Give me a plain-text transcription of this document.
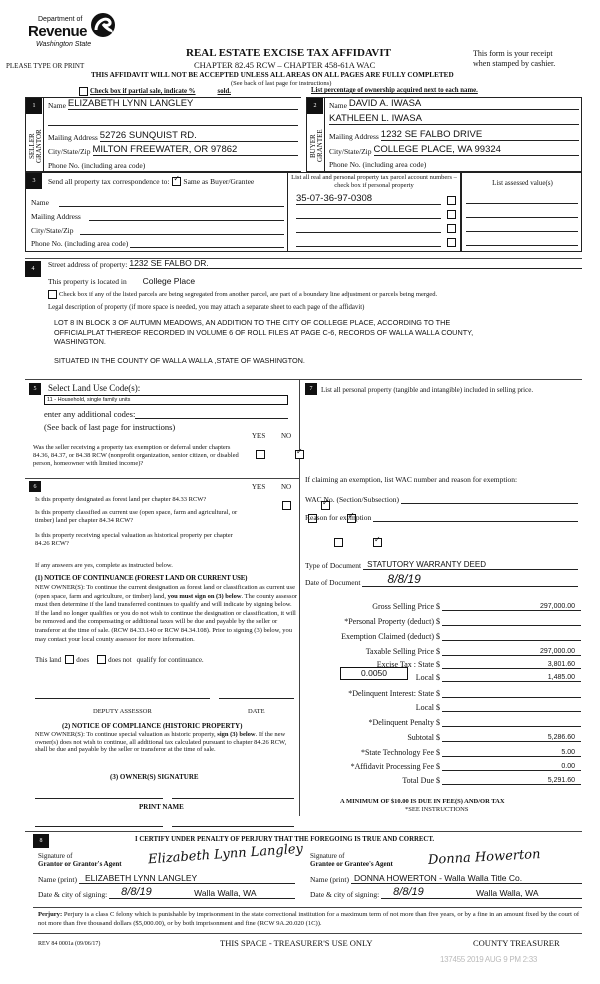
Department of
Revenue
Washington State
PLEASE TYPE OR PRINT
REAL ESTATE EXCISE TAX AFFIDAVIT
CHAPTER 82.45 RCW – CHAPTER 458-61A WAC
This form is your receipt
when stamped by cashier.
THIS AFFIDAVIT WILL NOT BE ACCEPTED UNLESS ALL AREAS ON ALL PAGES ARE FULLY COMPLETED
(See back of last page for instructions)
Check box if partial sale, indicate %	sold.	List percentage of ownership acquired next to each name.
1
SELLER GRANTOR
Name ELIZABETH LYNN LANGLEY
Mailing Address 52726 SUNQUIST RD.
City/State/Zip MILTON FREEWATER, OR 97862
Phone No. (including area code)
2
BUYER GRANTEE
Name DAVID A. IWASA
KATHLEEN L. IWASA
Mailing Address 1232 SE FALBO DRIVE
City/State/Zip COLLEGE PLACE, WA 99324
Phone No. (including area code)
3	Send all property tax correspondence to: ✓ Same as Buyer/Grantee
Name
Mailing Address
City/State/Zip
Phone No. (including area code)
List all real and personal property tax parcel account numbers – check box if personal property	List assessed value(s)
35-07-36-97-0308
4	Street address of property: 1232 SE FALBO DR.
This property is located in College Place
Check box if any of the listed parcels are being segregated from another parcel, are part of a boundary line adjustment or parcels being merged.
Legal description of property (if more space is needed, you may attach a separate sheet to each page of the affidavit)
LOT 8 IN BLOCK 3 OF AUTUMN MEADOWS, AN ADDITION TO THE CITY OF COLLEGE PLACE, ACCORDING TO THE
OFFICIALPLAT THEREOF RECORDED IN VOLUME 6 OF ROLL FILES AT PAGE C-6, RECORDS OF WALLA WALLA COUNTY,
WASHINGTON.
SITUATED IN THE COUNTY OF WALLA WALLA ,STATE OF WASHINGTON.
5	Select Land Use Code(s):
11 - Household, single family units
enter any additional codes:
(See back of last page for instructions)
YES NO
Was the seller receiving a property tax exemption or deferral under chapters 84.36, 84.37, or 84.38 RCW (nonprofit organization, senior citizen, or disabled person, homeowner with limited income)?
✓
6	YES NO
Is this property designated as forest land per chapter 84.33 RCW?
✓
Is this property classified as current use (open space, farm and agricultural, or timber) land per chapter 84.34 RCW?
✓
Is this property receiving special valuation as historical property per chapter 84.26 RCW?
✓
If any answers are yes, complete as instructed below.
(1) NOTICE OF CONTINUANCE (FOREST LAND OR CURRENT USE)
NEW OWNER(S): To continue the current designation as forest land or classification as current use (open space, farm and agriculture, or timber) land, you must sign on (3) below. The county assessor must then determine if the land transferred continues to qualify and will indicate by signing below. If the land no longer qualifies or you do not wish to continue the designation or classification, it will be removed and the compensating or additional taxes will be due and payable by the seller or transferor at the time of sale. (RCW 84.33.140 or RCW 84.34.108). Prior to signing (3) below, you may contact your local county assessor for more information.
This land does	does not qualify for continuance.
DEPUTY ASSESSOR	DATE
(2) NOTICE OF COMPLIANCE (HISTORIC PROPERTY)
NEW OWNER(S): To continue special valuation as historic property, sign (3) below. If the new owner(s) does not wish to continue, all additional tax calculated pursuant to chapter 84.26 RCW, shall be due and payable by the seller or transferor at the time of sale.
(3) OWNER(S) SIGNATURE
PRINT NAME
7	List all personal property (tangible and intangible) included in selling price.
If claiming an exemption, list WAC number and reason for exemption:
WAC No. (Section/Subsection)
Reason for exemption
Type of Document STATUTORY WARRANTY DEED
Date of Document 8/8/19
Gross Selling Price $	297,000.00
*Personal Property (deduct) $
Exemption Claimed (deduct) $
Taxable Selling Price $	297,000.00
Excise Tax : State $	3,801.60
0.0050	Local $	1,485.00
*Delinquent Interest: State $
Local $
*Delinquent Penalty $
Subtotal $	5,286.60
*State Technology Fee $	5.00
*Affidavit Processing Fee $	0.00
Total Due $	5,291.60
A MINIMUM OF $10.00 IS DUE IN FEE(S) AND/OR TAX
*SEE INSTRUCTIONS
8	I CERTIFY UNDER PENALTY OF PERJURY THAT THE FOREGOING IS TRUE AND CORRECT.
Signature of
Grantor or Grantor's Agent Elizabeth Lynn Langley
Name (print) ELIZABETH LYNN LANGLEY
Date & city of signing: 8/8/19	Walla Walla, WA
Signature of
Grantee or Grantee's Agent	Donna Howerton
Name (print) DONNA HOWERTON - Walla Walla Title Co.
Date & city of signing: 8/8/19	Walla Walla, WA
Perjury: Perjury is a class C felony which is punishable by imprisonment in the state correctional institution for a maximum term of not more than five years, or by a fine in an amount fixed by the court of not more than five thousand dollars ($5,000.00), or by both imprisonment and fine (RCW 9A.20.020 (1C)).
REV 84 0001a (09/06/17)	THIS SPACE - TREASURER'S USE ONLY	COUNTY TREASURER
137455 2019 AUG 9 PM 2:33
